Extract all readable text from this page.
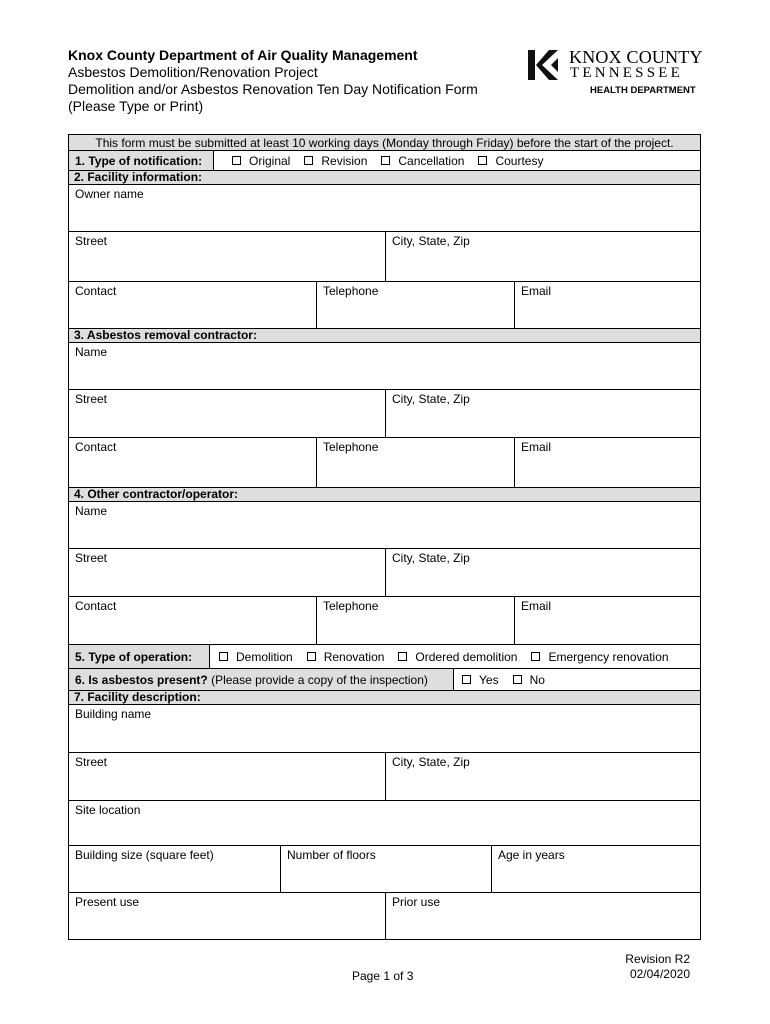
Knox County Department of Air Quality Management
Asbestos Demolition/Renovation Project
Demolition and/or Asbestos Renovation Ten Day Notification Form
(Please Type or Print)
KNOX COUNTY
TENNESSEE
HEALTH DEPARTMENT
This form must be submitted at least 10 working days (Monday through Friday) before the start of the project.
1. Type of notification:	Original	Revision	Cancellation	Courtesy
2. Facility information:
Owner name
Street	City, State, Zip
Contact	Telephone	Email
3. Asbestos removal contractor:
Name
Street	City, State, Zip
Contact	Telephone	Email
4. Other contractor/operator:
Name
Street	City, State, Zip
Contact	Telephone	Email
5. Type of operation:	Demolition	Renovation	Ordered demolition	Emergency renovation
6. Is asbestos present? (Please provide a copy of the inspection)	Yes	No
7. Facility description:
Building name
Street	City, State, Zip
Site location
Building size (square feet)	Number of floors	Age in years
Present use	Prior use
Page 1 of 3
Revision R2
02/04/2020
